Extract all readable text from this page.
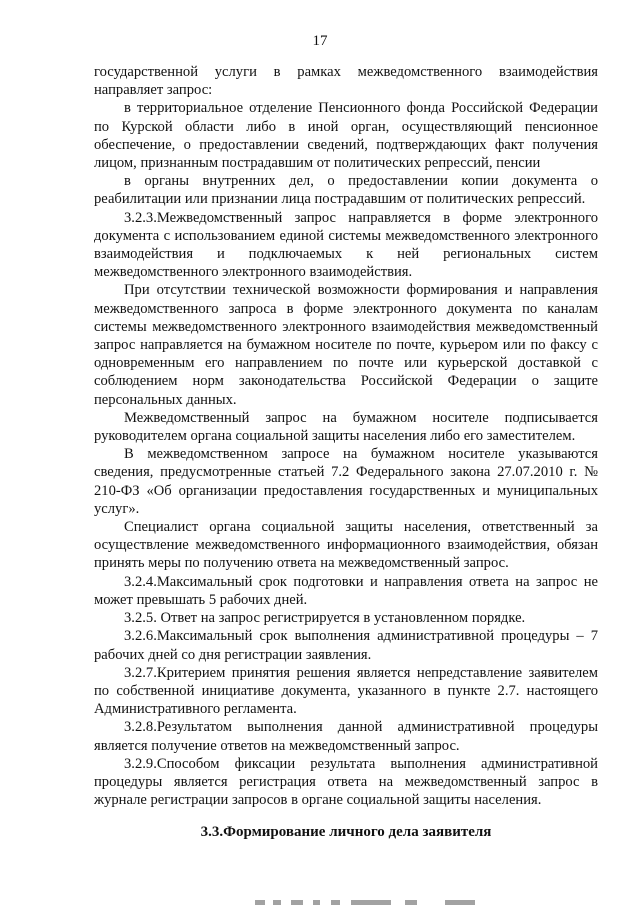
17

государственной услуги в рамках межведомственного взаимодействия направляет запрос:

в территориальное отделение Пенсионного фонда Российской Федерации по Курской области либо в иной орган, осуществляющий пенсионное обеспечение, о предоставлении сведений, подтверждающих факт получения лицом, признанным пострадавшим от политических репрессий, пенсии

в органы внутренних дел, о предоставлении копии документа о реабилитации или признании лица пострадавшим от политических репрессий.

3.2.3.Межведомственный запрос направляется в форме электронного документа с использованием единой системы межведомственного электронного взаимодействия и подключаемых к ней региональных систем межведомственного электронного взаимодействия.

При отсутствии технической возможности формирования и направления межведомственного запроса в форме электронного документа по каналам системы межведомственного электронного взаимодействия межведомственный запрос направляется на бумажном носителе по почте, курьером или по факсу с одновременным его направлением по почте или курьерской доставкой с соблюдением норм законодательства Российской Федерации о защите персональных данных.

Межведомственный запрос на бумажном носителе подписывается руководителем органа социальной защиты населения либо его заместителем.

В межведомственном запросе на бумажном носителе указываются сведения, предусмотренные статьей 7.2 Федерального закона 27.07.2010 г. № 210-ФЗ «Об организации предоставления государственных и муниципальных услуг».

Специалист органа социальной защиты населения, ответственный за осуществление межведомственного информационного взаимодействия, обязан принять меры по получению ответа на межведомственный запрос.

3.2.4.Максимальный срок подготовки и направления ответа на запрос не может превышать 5 рабочих дней.

3.2.5. Ответ на запрос регистрируется в установленном порядке.

3.2.6.Максимальный срок выполнения административной процедуры – 7 рабочих дней со дня регистрации заявления.

3.2.7.Критерием принятия решения является непредставление заявителем по собственной инициативе документа, указанного в пункте 2.7. настоящего Административного регламента.

3.2.8.Результатом выполнения данной административной процедуры является получение ответов на межведомственный запрос.

3.2.9.Способом фиксации результата выполнения административной процедуры является регистрация ответа на межведомственный запрос в журнале регистрации запросов в органе социальной защиты населения.

3.3.Формирование личного дела заявителя
